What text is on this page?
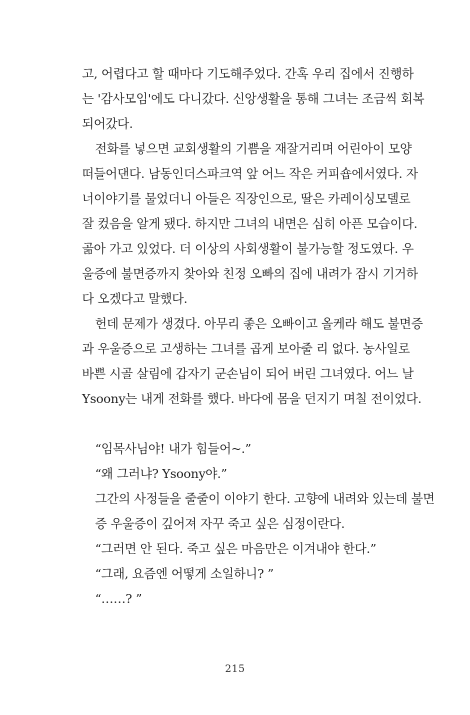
고, 어렵다고 할 때마다 기도해주었다. 간혹 우리 집에서 진행하
는 '감사모임'에도 다니갔다. 신앙생활을 통해 그녀는 조금씩 회복
되어갔다.
전화를 넣으면 교회생활의 기쁨을 재잘거리며 어린아이 모양
떠들어댄다. 남동인더스파크역 앞 어느 작은 커피숍에서였다. 자
너이야기를 물었더니 아들은 직장인으로, 딸은 카레이싱모델로
잘 컸음을 알게 됐다. 하지만 그녀의 내면은 심히 아픈 모습이다.
곪아 가고 있었다. 더 이상의 사회생활이 불가능할 정도였다. 우
울증에 불면증까지 찾아와 친정 오빠의 집에 내려가 잠시 기거하
다 오겠다고 말했다.
헌데 문제가 생겼다. 아무리 좋은 오빠이고 올케라 해도 불면증
과 우울증으로 고생하는 그녀를 곱게 보아줄 리 없다. 농사일로
바쁜 시골 살림에 갑자기 군손님이 되어 버린 그녀였다. 어느 날
Ysoony는 내게 전화를 했다. 바다에 몸을 던지기 며칠 전이었다.
“임목사님야! 내가 힘들어~.”
“왜 그러냐? Ysoony야.”
그간의 사정들을 줄줄이 이야기 한다. 고향에 내려와 있는데 불면
증 우울증이 깊어져 자꾸 죽고 싶은 심정이란다.
“그러면 안 된다. 죽고 싶은 마음만은 이겨내야 한다.”
“그래, 요즘엔 어떻게 소일하니? ”
“……? ”
215
